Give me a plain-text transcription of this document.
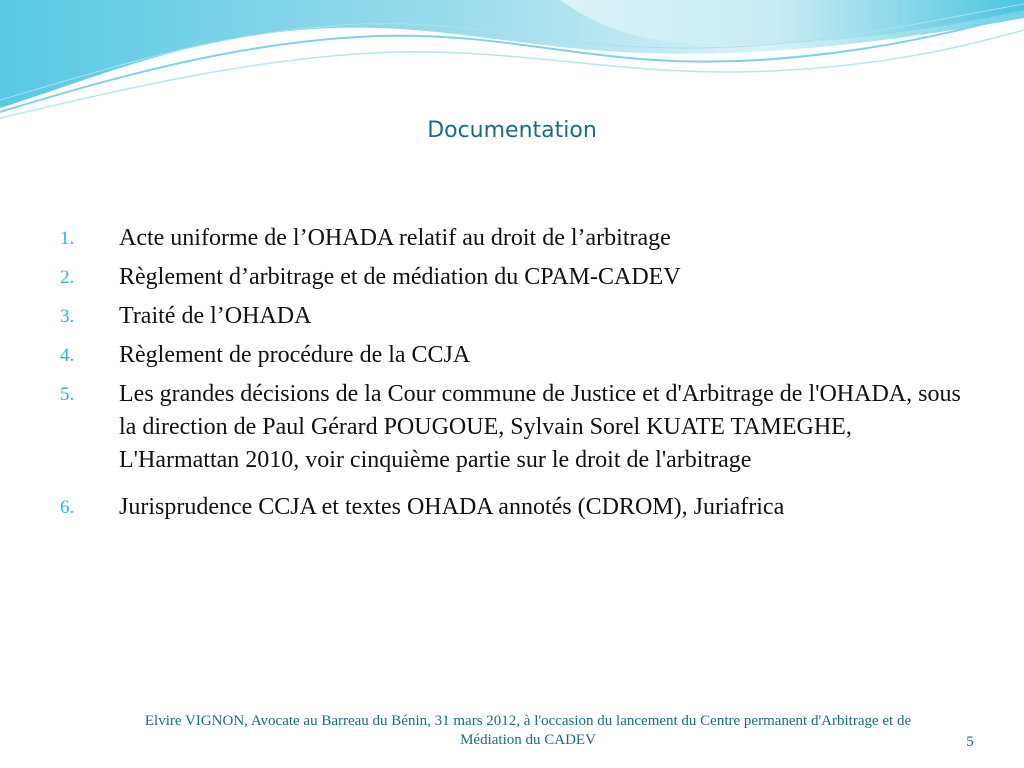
Documentation
1. Acte uniforme de l’OHADA relatif au droit de l’arbitrage
2. Règlement d’arbitrage et de médiation du CPAM-CADEV
3. Traité de l’OHADA
4. Règlement de procédure de la CCJA
5. Les grandes décisions de la Cour commune de Justice et d'Arbitrage de l'OHADA, sous la direction de Paul Gérard POUGOUE, Sylvain Sorel KUATE TAMEGHE, L'Harmattan 2010, voir cinquième partie sur le droit de l'arbitrage
6. Jurisprudence CCJA et textes OHADA annotés (CDROM), Juriafrica
Elvire VIGNON, Avocate au Barreau du Bénin, 31 mars 2012, à l'occasion du lancement du Centre permanent d'Arbitrage et de Médiation du CADEV	5
